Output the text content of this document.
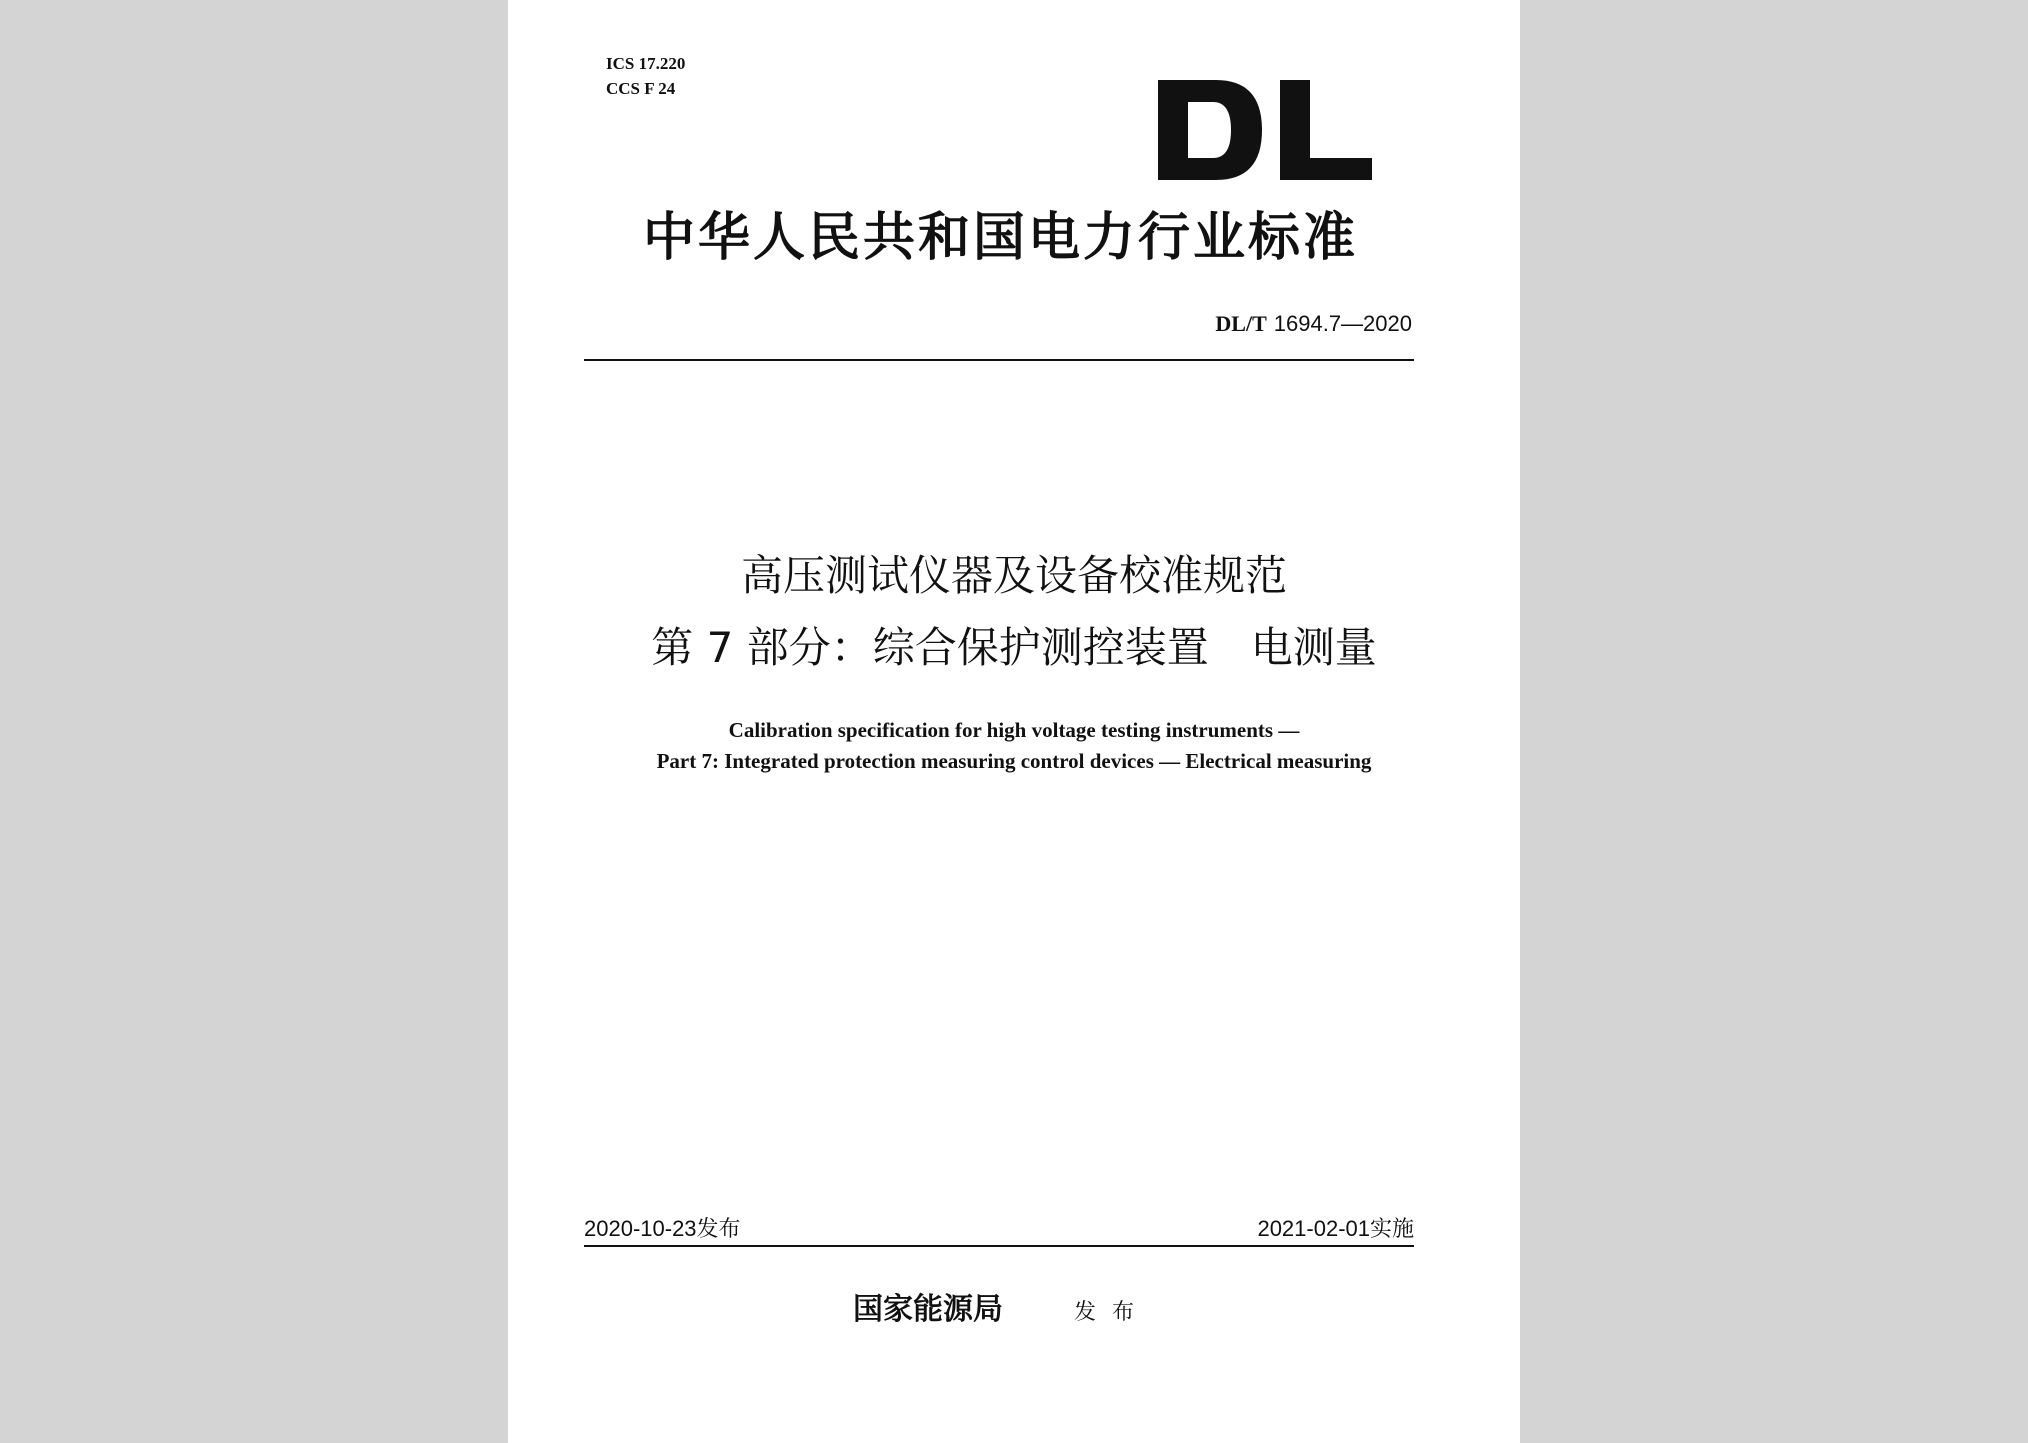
ICS 17.220
CCS F 24
中华人民共和国电力行业标准
DL/T 1694.7—2020
高压测试仪器及设备校准规范
第 7 部分：综合保护测控装置　电测量
Calibration specification for high voltage testing instruments —
Part 7: Integrated protection measuring control devices — Electrical measuring
2020-10-23发布	2021-02-01实施
国家能源局	发布
